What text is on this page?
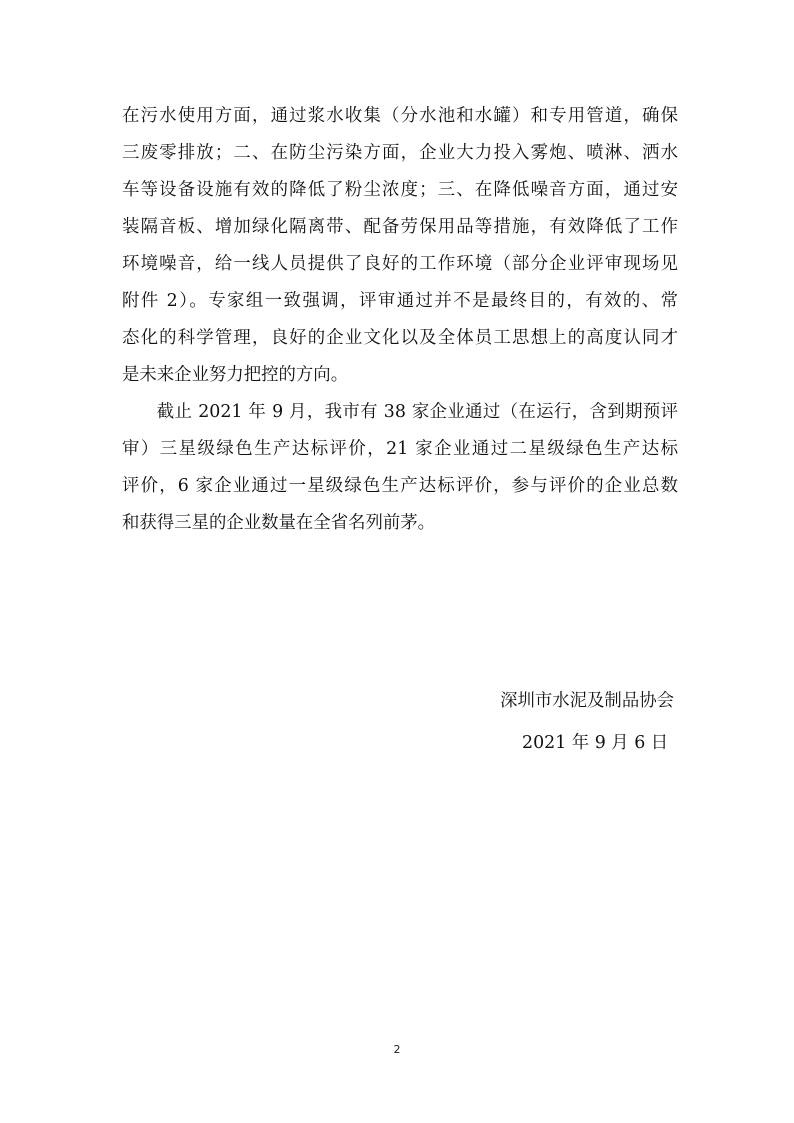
在污水使用方面，通过浆水收集（分水池和水罐）和专用管道，确保
三废零排放；二、在防尘污染方面，企业大力投入雾炮、喷淋、洒水
车等设备设施有效的降低了粉尘浓度；三、在降低噪音方面，通过安
装隔音板、增加绿化隔离带、配备劳保用品等措施，有效降低了工作
环境噪音，给一线人员提供了良好的工作环境（部分企业评审现场见
附件 2）。专家组一致强调，评审通过并不是最终目的，有效的、常
态化的科学管理，良好的企业文化以及全体员工思想上的高度认同才
是未来企业努力把控的方向。
截止 2021 年 9 月，我市有 38 家企业通过（在运行，含到期预评
审）三星级绿色生产达标评价，21 家企业通过二星级绿色生产达标
评价，6 家企业通过一星级绿色生产达标评价，参与评价的企业总数
和获得三星的企业数量在全省名列前茅。
深圳市水泥及制品协会
2021 年 9 月 6 日
2
